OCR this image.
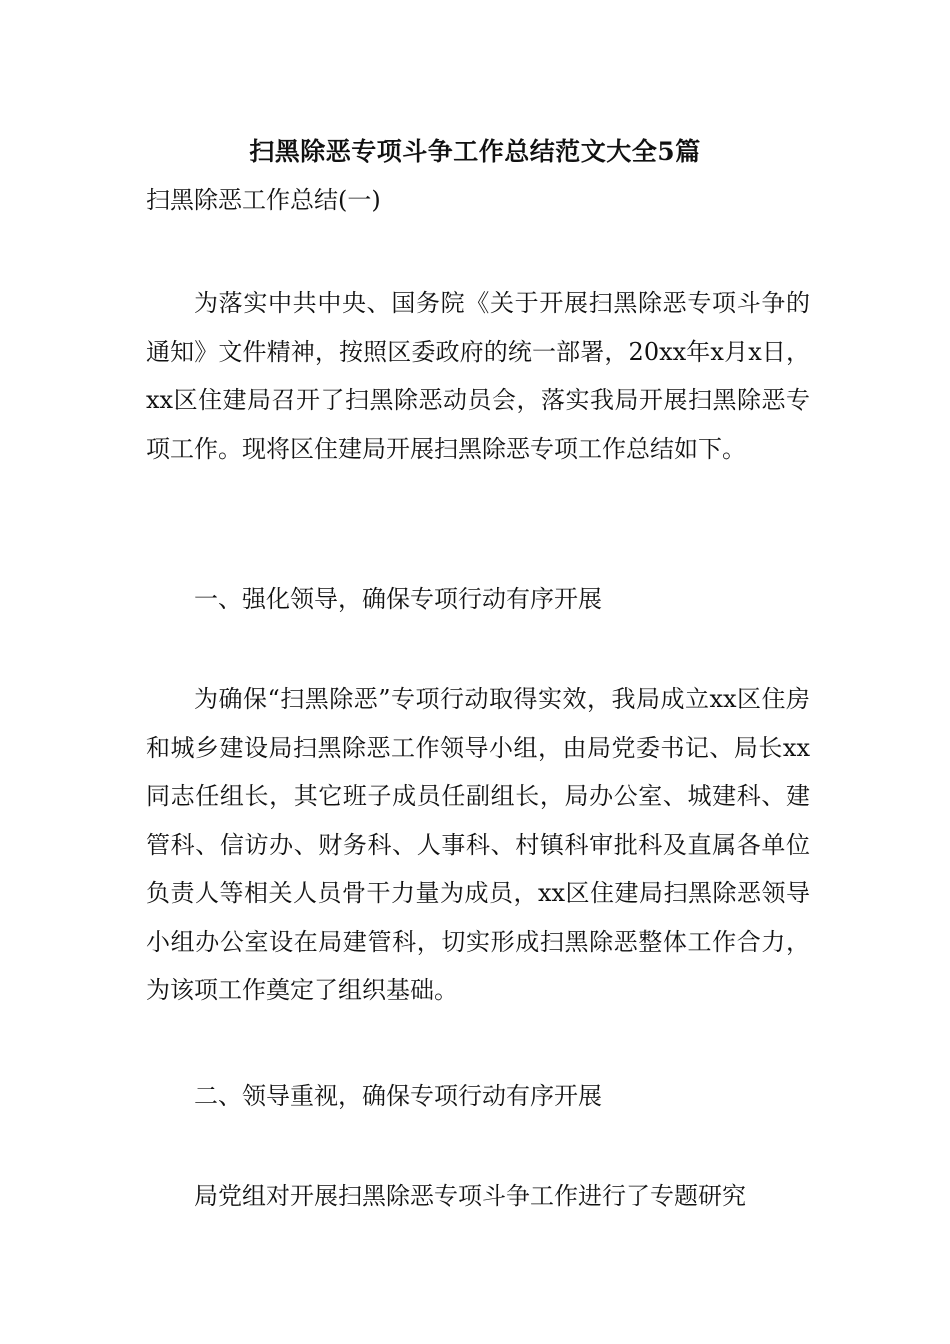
扫黑除恶专项斗争工作总结范文大全5篇

扫黑除恶工作总结(一)

为落实中共中央、国务院《关于开展扫黑除恶专项斗争的通知》文件精神，按照区委政府的统一部署，20xx年x月x日，xx区住建局召开了扫黑除恶动员会，落实我局开展扫黑除恶专项工作。现将区住建局开展扫黑除恶专项工作总结如下。

一、强化领导，确保专项行动有序开展

为确保“扫黑除恶”专项行动取得实效，我局成立xx区住房和城乡建设局扫黑除恶工作领导小组，由局党委书记、局长xx同志任组长，其它班子成员任副组长，局办公室、城建科、建管科、信访办、财务科、人事科、村镇科审批科及直属各单位负责人等相关人员骨干力量为成员，xx区住建局扫黑除恶领导小组办公室设在局建管科，切实形成扫黑除恶整体工作合力，为该项工作奠定了组织基础。

二、领导重视，确保专项行动有序开展

局党组对开展扫黑除恶专项斗争工作进行了专题研究
